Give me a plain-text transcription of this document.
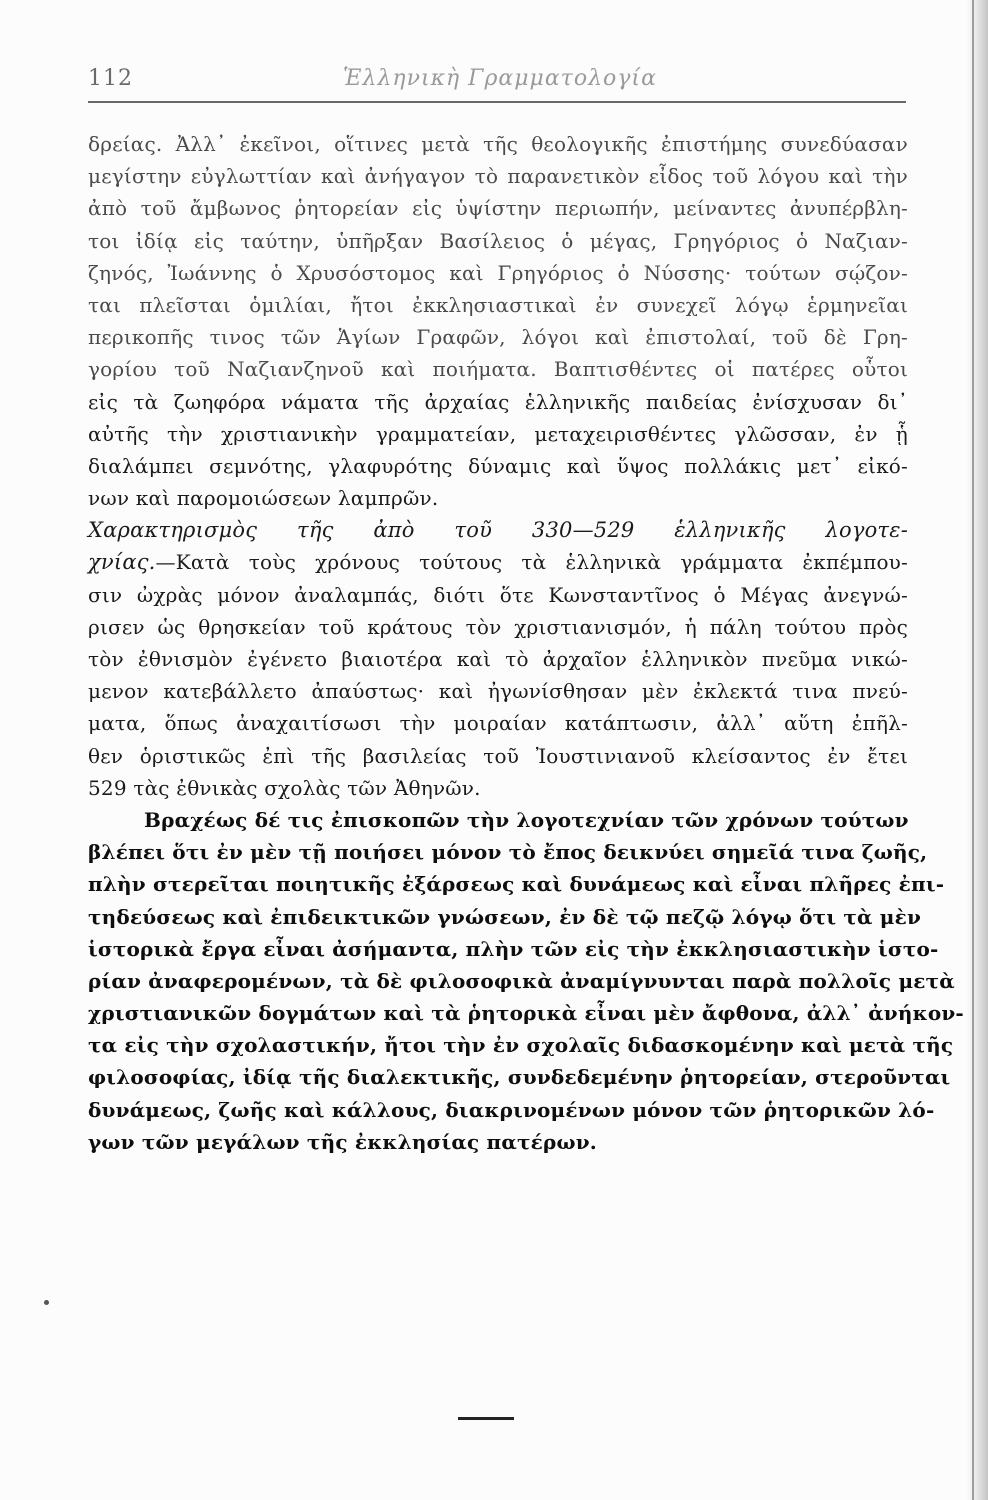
112	Ἑλληνικὴ Γραμματολογία
δρείας. Ἀλλ᾽ ἐκεῖνοι, οἵτινες μετὰ τῆς θεολογικῆς ἐπιστήμης συνεδύασαν
μεγίστην εὐγλωττίαν καὶ ἀνήγαγον τὸ παρανετικὸν εἶδος τοῦ λόγου καὶ τὴν
ἀπὸ τοῦ ἄμβωνος ῥητορείαν εἰς ὑψίστην περιωπήν, μείναντες ἀνυπέρβλη-
τοι ἰδίᾳ εἰς ταύτην, ὑπῆρξαν Βασίλειος ὁ μέγας, Γρηγόριος ὁ Ναζιαν-
ζηνός, Ἰωάννης ὁ Χρυσόστομος καὶ Γρηγόριος ὁ Νύσσης· τούτων σῴζον-
ται πλεῖσται ὁμιλίαι, ἤτοι ἐκκλησιαστικαὶ ἐν συνεχεῖ λόγῳ ἑρμηνεῖαι
περικοπῆς τινος τῶν Ἁγίων Γραφῶν, λόγοι καὶ ἐπιστολαί, τοῦ δὲ Γρη-
γορίου τοῦ Ναζιανζηνοῦ καὶ ποιήματα. Βαπτισθέντες οἱ πατέρες οὗτοι
εἰς τὰ ζωηφόρα νάματα τῆς ἀρχαίας ἑλληνικῆς παιδείας ἐνίσχυσαν δι᾽
αὐτῆς τὴν χριστιανικὴν γραμματείαν, μεταχειρισθέντες γλῶσσαν, ἐν ᾗ
διαλάμπει σεμνότης, γλαφυρότης δύναμις καὶ ὕψος πολλάκις μετ᾽ εἰκό-
νων καὶ παρομοιώσεων λαμπρῶν.
Χαρακτηρισμὸς τῆς ἀπὸ τοῦ 330—529 ἑλληνικῆς λογοτε-
χνίας.—Κατὰ τοὺς χρόνους τούτους τὰ ἑλληνικὰ γράμματα ἐκπέμπου-
σιν ὠχρὰς μόνον ἀναλαμπάς, διότι ὅτε Κωνσταντῖνος ὁ Μέγας ἀνεγνώ-
ρισεν ὡς θρησκείαν τοῦ κράτους τὸν χριστιανισμόν, ἡ πάλη τούτου πρὸς
τὸν ἐθνισμὸν ἐγένετο βιαιοτέρα καὶ τὸ ἀρχαῖον ἑλληνικὸν πνεῦμα νικώ-
μενον κατεβάλλετο ἀπαύστως· καὶ ἠγωνίσθησαν μὲν ἐκλεκτά τινα πνεύ-
ματα, ὅπως ἀναχαιτίσωσι τὴν μοιραίαν κατάπτωσιν, ἀλλ᾽ αὕτη ἐπῆλ-
θεν ὁριστικῶς ἐπὶ τῆς βασιλείας τοῦ Ἰουστινιανοῦ κλείσαντος ἐν ἔτει
529 τὰς ἐθνικὰς σχολὰς τῶν Ἀθηνῶν.
Βραχέως δέ τις ἐπισκοπῶν τὴν λογοτεχνίαν τῶν χρόνων τούτων
βλέπει ὅτι ἐν μὲν τῇ ποιήσει μόνον τὸ ἔπος δεικνύει σημεῖά τινα ζωῆς,
πλὴν στερεῖται ποιητικῆς ἐξάρσεως καὶ δυνάμεως καὶ εἶναι πλῆρες ἐπι-
τηδεύσεως καὶ ἐπιδεικτικῶν γνώσεων, ἐν δὲ τῷ πεζῷ λόγῳ ὅτι τὰ μὲν
ἱστορικὰ ἔργα εἶναι ἀσήμαντα, πλὴν τῶν εἰς τὴν ἐκκλησιαστικὴν ἱστο-
ρίαν ἀναφερομένων, τὰ δὲ φιλοσοφικὰ ἀναμίγνυνται παρὰ πολλοῖς μετὰ
χριστιανικῶν δογμάτων καὶ τὰ ῥητορικὰ εἶναι μὲν ἄφθονα, ἀλλ᾽ ἀνήκον-
τα εἰς τὴν σχολαστικήν, ἤτοι τὴν ἐν σχολαῖς διδασκομένην καὶ μετὰ τῆς
φιλοσοφίας, ἰδίᾳ τῆς διαλεκτικῆς, συνδεδεμένην ῥητορείαν, στεροῦνται
δυνάμεως, ζωῆς καὶ κάλλους, διακρινομένων μόνον τῶν ῥητορικῶν λό-
γων τῶν μεγάλων τῆς ἐκκλησίας πατέρων.
